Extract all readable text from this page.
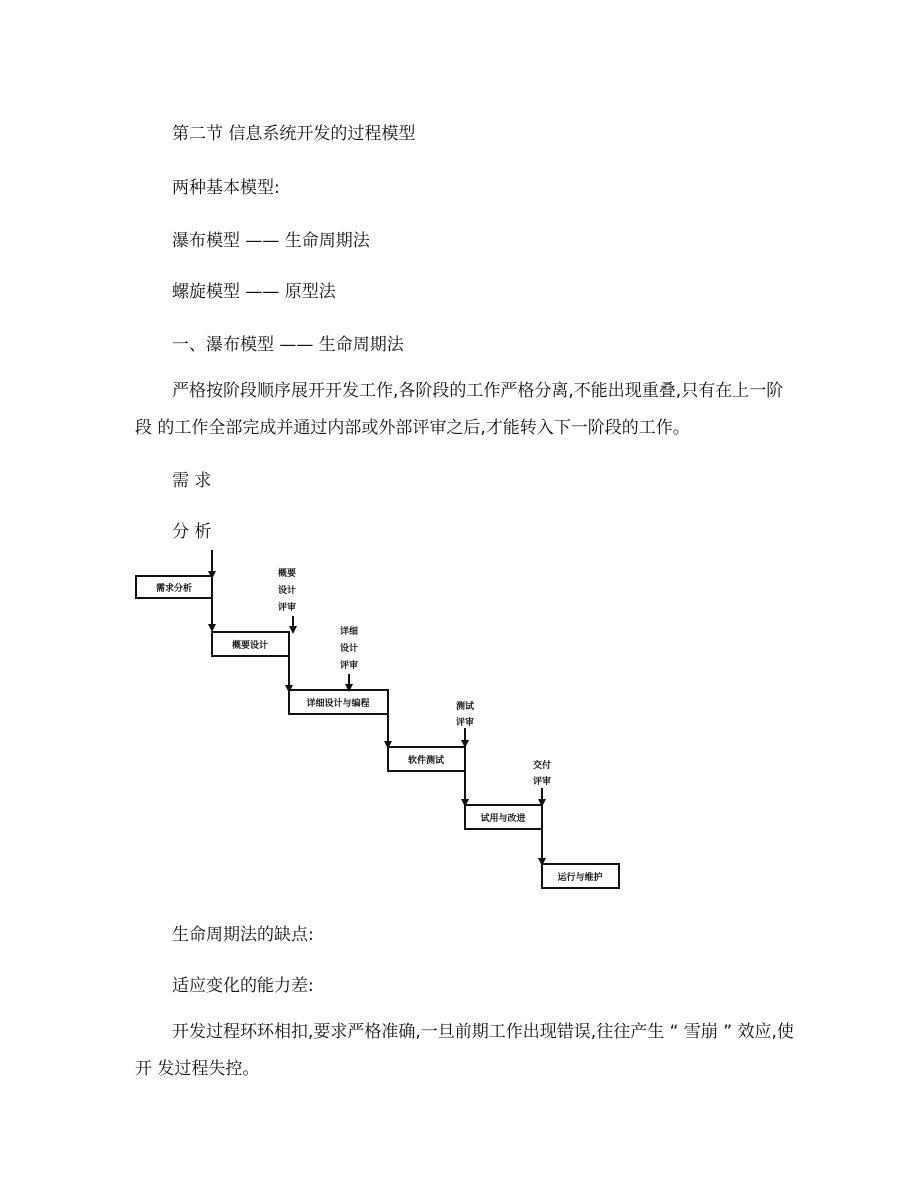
第二节 信息系统开发的过程模型

两种基本模型:

瀑布模型 —— 生命周期法

螺旋模型 —— 原型法

一、瀑布模型 —— 生命周期法

严格按阶段顺序展开开发工作,各阶段的工作严格分离,不能出现重叠,只有在上一阶段 的工作全部完成并通过内部或外部评审之后,才能转入下一阶段的工作。

需 求

分 析

需求分析
概要设计
详细设计与编程
软件测试
试用与改进
运行与维护
概要
设计
评审
详细
设计
评审
测试
评审
交付
评审

生命周期法的缺点:

适应变化的能力差:

开发过程环环相扣,要求严格准确,一旦前期工作出现错误,往往产生 “ 雪崩 ” 效应,使开 发过程失控。
